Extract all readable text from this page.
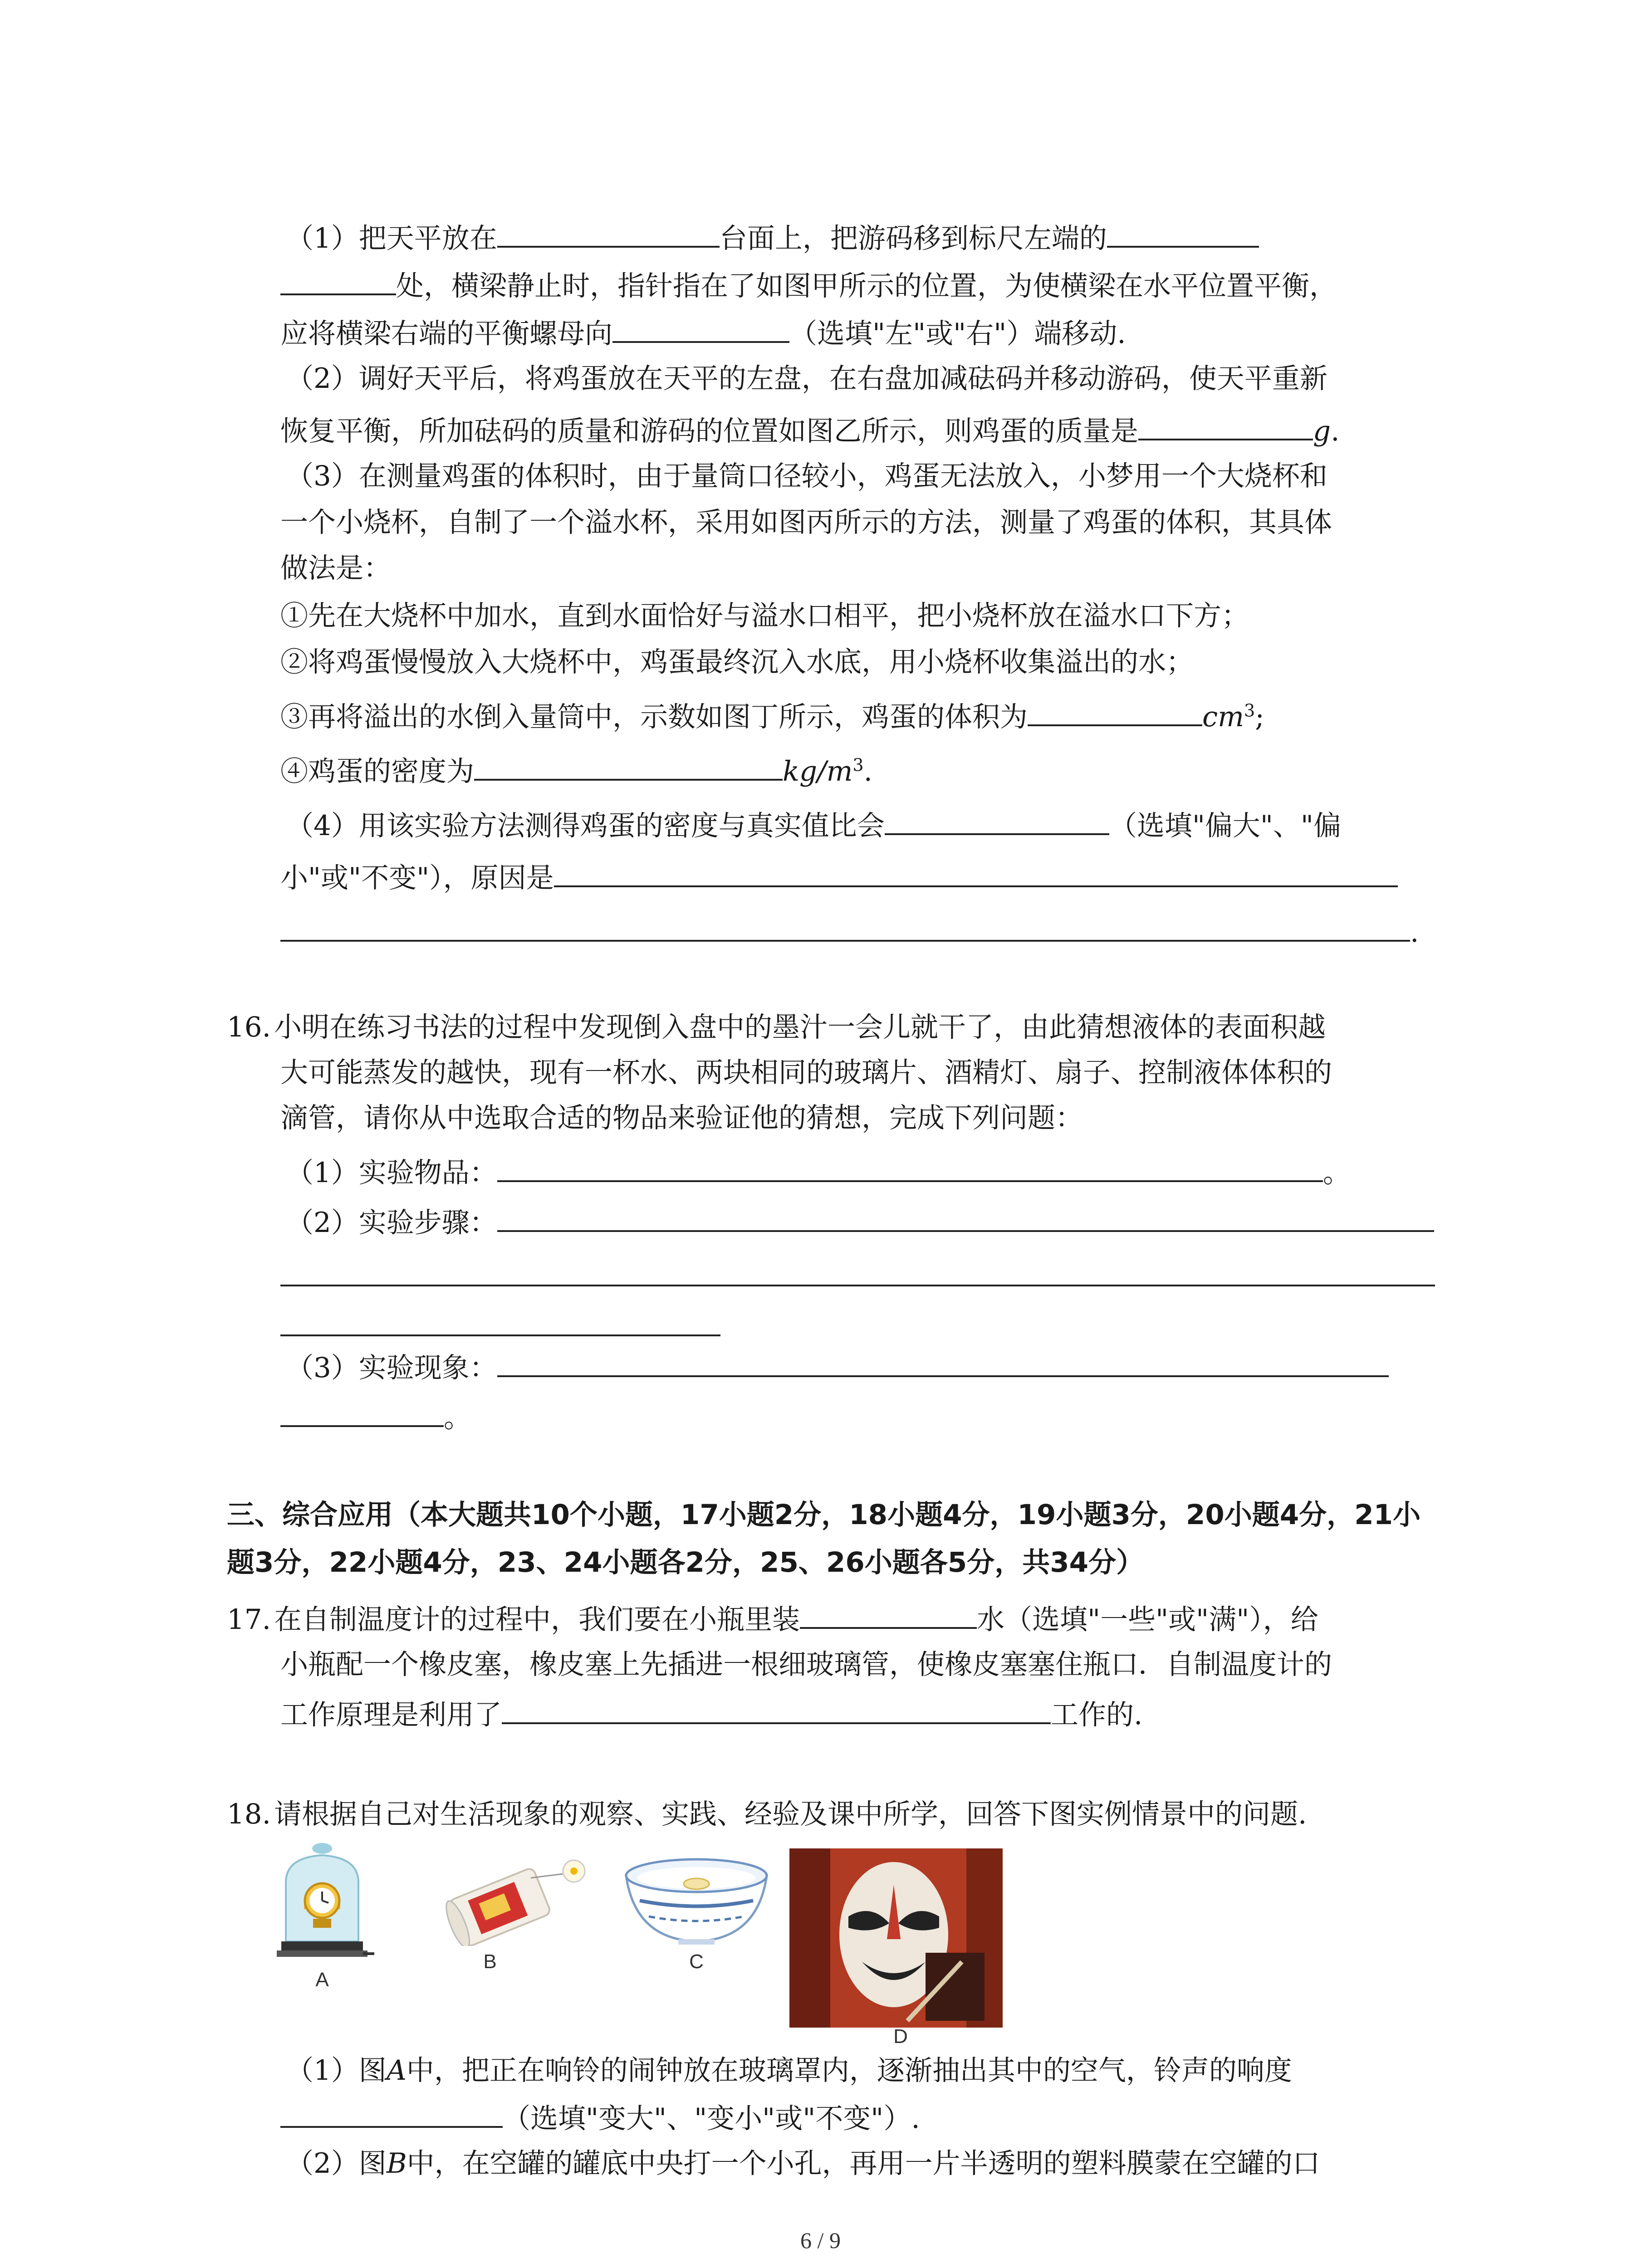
（1）把天平放在	台面上，把游码移到标尺左端的
处，横梁静止时，指针指在了如图甲所示的位置，为使横梁在水平位置平衡，
应将横梁右端的平衡螺母向	（选填"左"或"右"）端移动.
（2）调好天平后，将鸡蛋放在天平的左盘，在右盘加减砝码并移动游码，使天平重新
恢复平衡，所加砝码的质量和游码的位置如图乙所示，则鸡蛋的质量是	g.
（3）在测量鸡蛋的体积时，由于量筒口径较小，鸡蛋无法放入，小梦用一个大烧杯和
一个小烧杯，自制了一个溢水杯，采用如图丙所示的方法，测量了鸡蛋的体积，其具体
做法是：
①先在大烧杯中加水，直到水面恰好与溢水口相平，把小烧杯放在溢水口下方；
②将鸡蛋慢慢放入大烧杯中，鸡蛋最终沉入水底，用小烧杯收集溢出的水；
③再将溢出的水倒入量筒中，示数如图丁所示，鸡蛋的体积为	$cm^3$;
④鸡蛋的密度为	$kg/m^3$.
（4）用该实验方法测得鸡蛋的密度与真实值比会	（选填"偏大"、"偏
小"或"不变"），原因是
.
16. 小明在练习书法的过程中发现倒入盘中的墨汁一会儿就干了，由此猜想液体的表面积越
大可能蒸发的越快，现有一杯水、两块相同的玻璃片、酒精灯、扇子、控制液体体积的
滴管，请你从中选取合适的物品来验证他的猜想，完成下列问题：
（1）实验物品：	。
（2）实验步骤：
（3）实验现象：
。
三、综合应用（本大题共10个小题，17小题2分，18小题4分，19小题3分，20小题4分，21小
题3分，22小题4分，23、24小题各2分，25、26小题各5分，共34分）
17. 在自制温度计的过程中，我们要在小瓶里装	水（选填"一些"或"满"），给
小瓶配一个橡皮塞，橡皮塞上先插进一根细玻璃管，使橡皮塞塞住瓶口．自制温度计的
工作原理是利用了	工作的.
18. 请根据自己对生活现象的观察、实践、经验及课中所学，回答下图实例情景中的问题.
A
B	C
D
（1）图A中，把正在响铃的闹钟放在玻璃罩内，逐渐抽出其中的空气，铃声的响度
（选填"变大"、"变小"或"不变"）.
（2）图B中，在空罐的罐底中央打一个小孔，再用一片半透明的塑料膜蒙在空罐的口
6 / 9
